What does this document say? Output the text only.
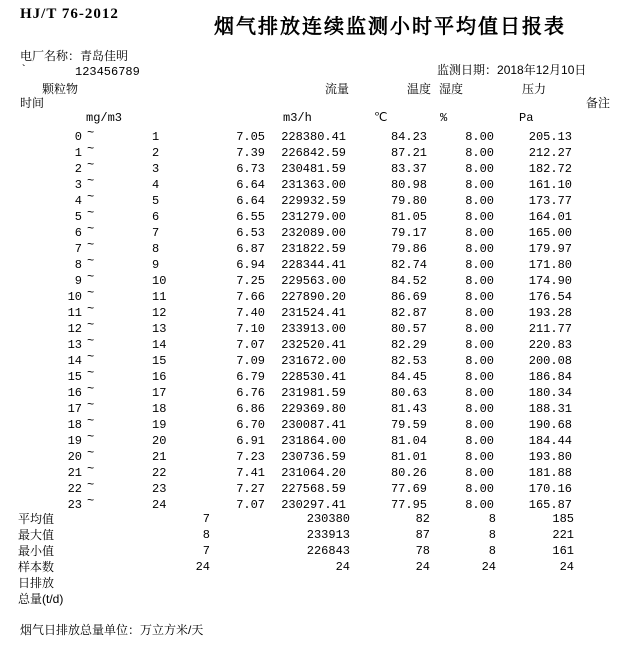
HJ/T 76-2012
烟气排放连续监测小时平均值日报表
电厂名称：青岛佳明
`	123456789	监测日期：2018年12月10日
颗粒物	流量	温度 湿度	压力
时间	备注
mg/m3	m3/h	℃	%	Pa
0 ~	1	7.05	228380.41	84.23	8.00	205.13
1 ~	2	7.39	226842.59	87.21	8.00	212.27
2 ~	3	6.73	230481.59	83.37	8.00	182.72
3 ~	4	6.64	231363.00	80.98	8.00	161.10
4 ~	5	6.64	229932.59	79.80	8.00	173.77
5 ~	6	6.55	231279.00	81.05	8.00	164.01
6 ~	7	6.53	232089.00	79.17	8.00	165.00
7 ~	8	6.87	231822.59	79.86	8.00	179.97
8 ~	9	6.94	228344.41	82.74	8.00	171.80
9 ~	10	7.25	229563.00	84.52	8.00	174.90
10 ~	11	7.66	227890.20	86.69	8.00	176.54
11 ~	12	7.40	231524.41	82.87	8.00	193.28
12 ~	13	7.10	233913.00	80.57	8.00	211.77
13 ~	14	7.07	232520.41	82.29	8.00	220.83
14 ~	15	7.09	231672.00	82.53	8.00	200.08
15 ~	16	6.79	228530.41	84.45	8.00	186.84
16 ~	17	6.76	231981.59	80.63	8.00	180.34
17 ~	18	6.86	229369.80	81.43	8.00	188.31
18 ~	19	6.70	230087.41	79.59	8.00	190.68
19 ~	20	6.91	231864.00	81.04	8.00	184.44
20 ~	21	7.23	230736.59	81.01	8.00	193.80
21 ~	22	7.41	231064.20	80.26	8.00	181.88
22 ~	23	7.27	227568.59	77.69	8.00	170.16
23 ~	24	7.07	230297.41	77.95	8.00	165.87
平均值	7	230380	82	8	185
最大值	8	233913	87	8	221
最小值	7	226843	78	8	161
样本数	24	24	24	24	24
日排放
总量(t/d)
烟气日排放总量单位：万立方米/天
